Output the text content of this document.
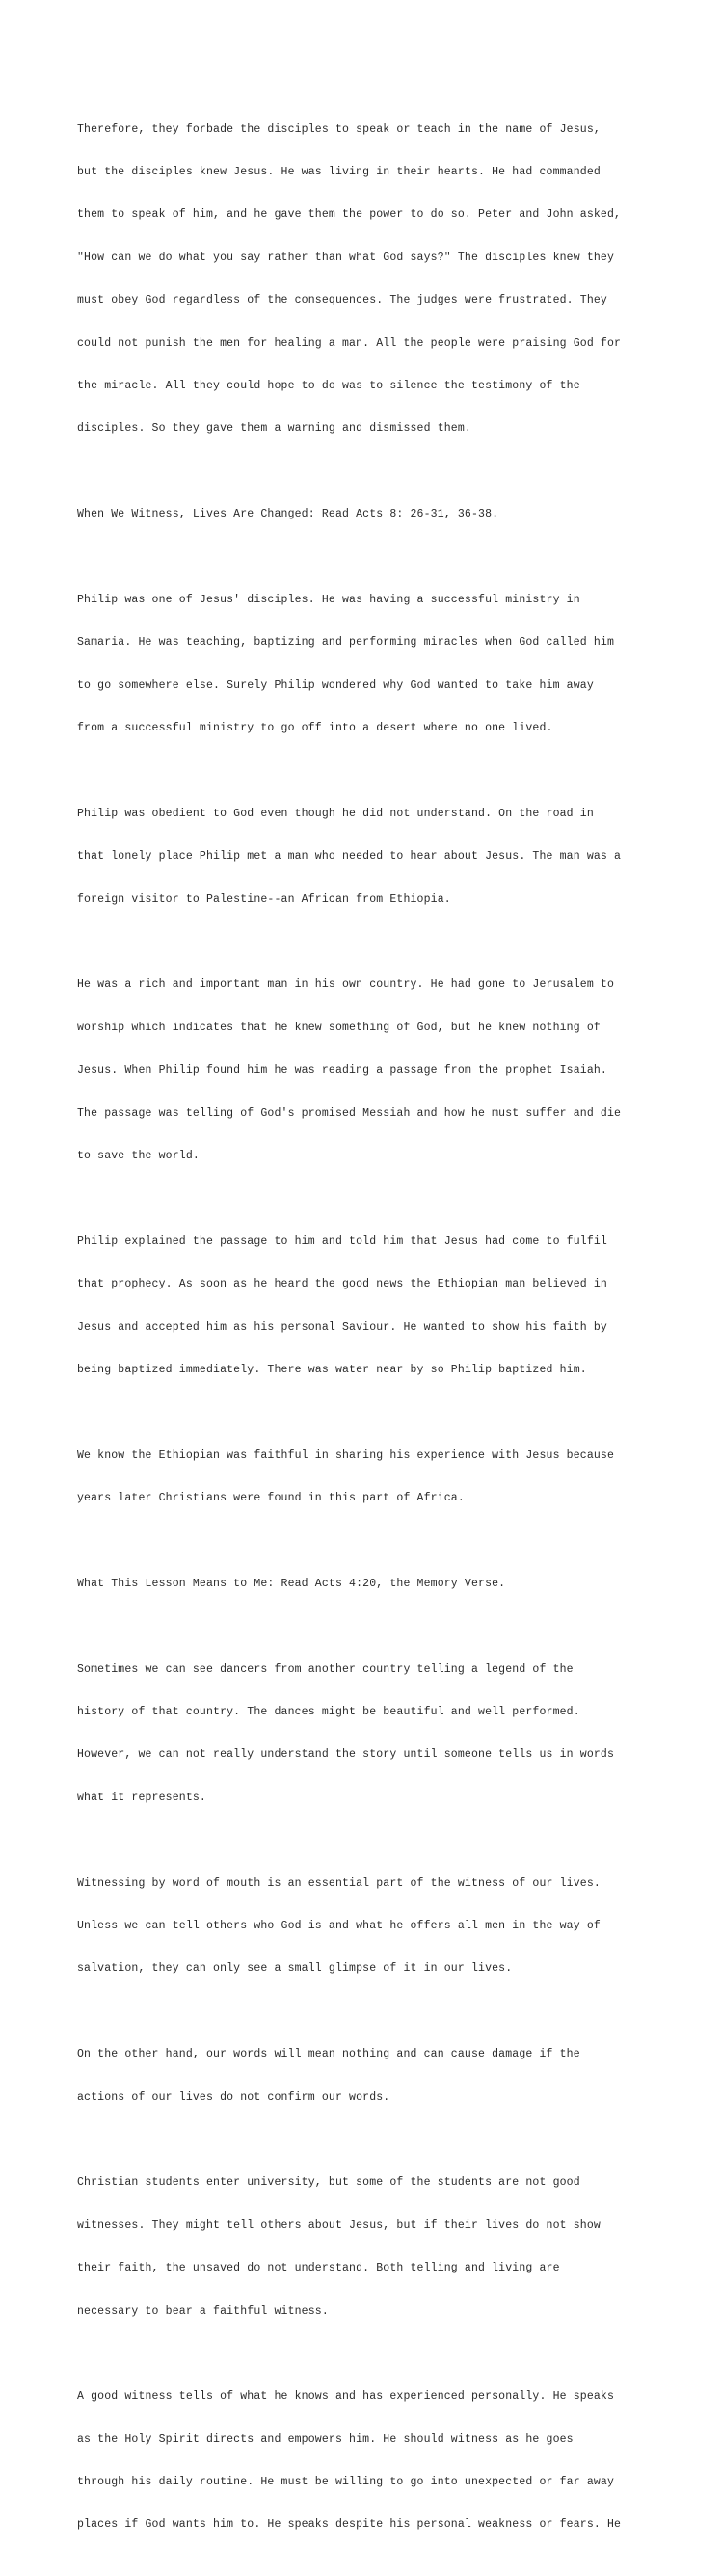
Therefore, they forbade the disciples to speak or teach in the name of Jesus,

but the disciples knew Jesus. He was living in their hearts. He had commanded

them to speak of him, and he gave them the power to do so. Peter and John asked,

"How can we do what you say rather than what God says?" The disciples knew they

must obey God regardless of the consequences. The judges were frustrated. They

could not punish the men for healing a man. All the people were praising God for

the miracle. All they could hope to do was to silence the testimony of the

disciples. So they gave them a warning and dismissed them.

When We Witness, Lives Are Changed: Read Acts 8: 26-31, 36-38.

Philip was one of Jesus' disciples. He was having a successful ministry in

Samaria. He was teaching, baptizing and performing miracles when God called him

to go somewhere else. Surely Philip wondered why God wanted to take him away

from a successful ministry to go off into a desert where no one lived.

Philip was obedient to God even though he did not understand. On the road in

that lonely place Philip met a man who needed to hear about Jesus. The man was a

foreign visitor to Palestine--an African from Ethiopia.

He was a rich and important man in his own country. He had gone to Jerusalem to

worship which indicates that he knew something of God, but he knew nothing of

Jesus. When Philip found him he was reading a passage from the prophet Isaiah.

The passage was telling of God's promised Messiah and how he must suffer and die

to save the world.

Philip explained the passage to him and told him that Jesus had come to fulfil

that prophecy. As soon as he heard the good news the Ethiopian man believed in

Jesus and accepted him as his personal Saviour. He wanted to show his faith by

being baptized immediately. There was water near by so Philip baptized him.

We know the Ethiopian was faithful in sharing his experience with Jesus because

years later Christians were found in this part of Africa.

What This Lesson Means to Me: Read Acts 4:20, the Memory Verse.

Sometimes we can see dancers from another country telling a legend of the

history of that country. The dances might be beautiful and well performed.

However, we can not really understand the story until someone tells us in words

what it represents.

Witnessing by word of mouth is an essential part of the witness of our lives.

Unless we can tell others who God is and what he offers all men in the way of

salvation, they can only see a small glimpse of it in our lives.

On the other hand, our words will mean nothing and can cause damage if the

actions of our lives do not confirm our words.

Christian students enter university, but some of the students are not good

witnesses. They might tell others about Jesus, but if their lives do not show

their faith, the unsaved do not understand. Both telling and living are

necessary to bear a faithful witness.

A good witness tells of what he knows and has experienced personally. He speaks

as the Holy Spirit directs and empowers him. He should witness as he goes

through his daily routine. He must be willing to go into unexpected or far away

places if God wants him to. He speaks despite his personal weakness or fears. He
